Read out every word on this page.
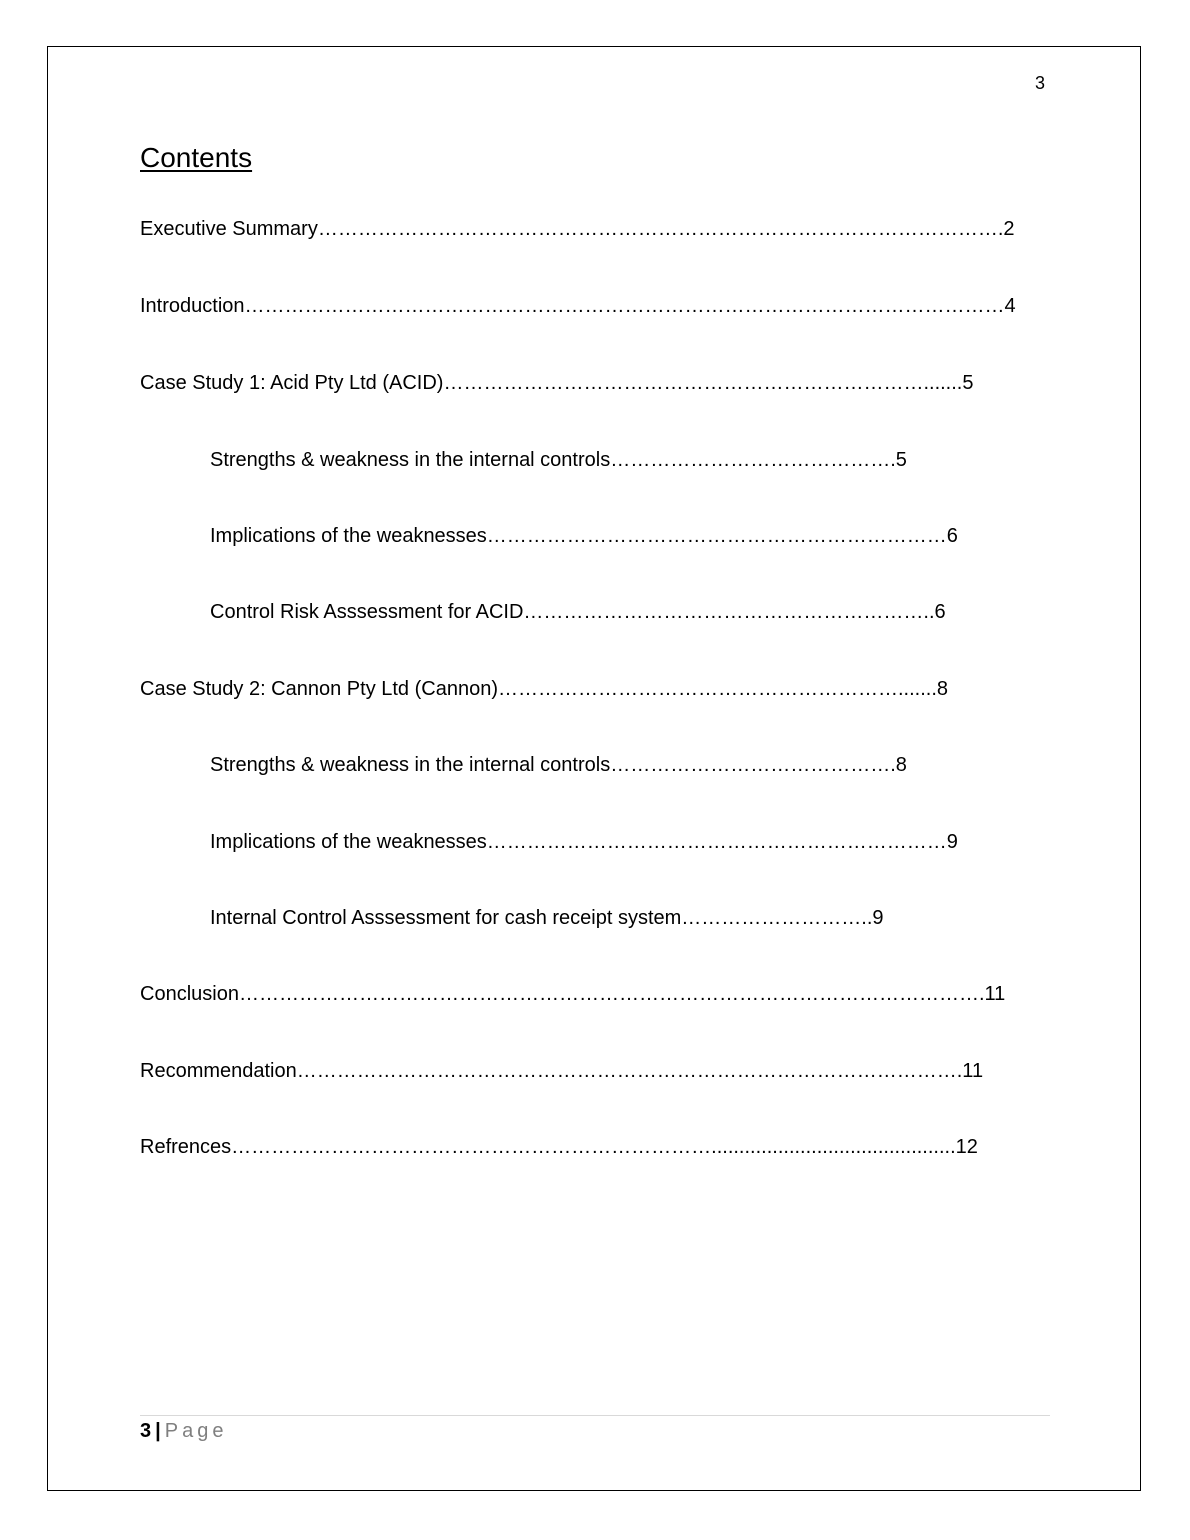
3
Contents
Executive Summary………………………………………………………………………………………….2
Introduction……………………………………………………………………………………………………4
Case Study 1: Acid Pty Ltd (ACID)……………………………………………………………….......5
Strengths & weakness in the internal controls…………………………………….5
Implications of the weaknesses……………………………………………………………6
Control Risk Asssessment for ACID……………………………………………………..6
Case Study 2: Cannon Pty Ltd (Cannon)…………………………………………………….......8
Strengths & weakness in the internal controls…………………………………….8
Implications of the weaknesses……………………………………………………………9
Internal Control Asssessment for cash receipt system………………………..9
Conclusion………………………………………………………………………………………………….11
Recommendation……………………………………………………………………………………….11
Refrences………………………………………………………………............................................12
3 | Page
